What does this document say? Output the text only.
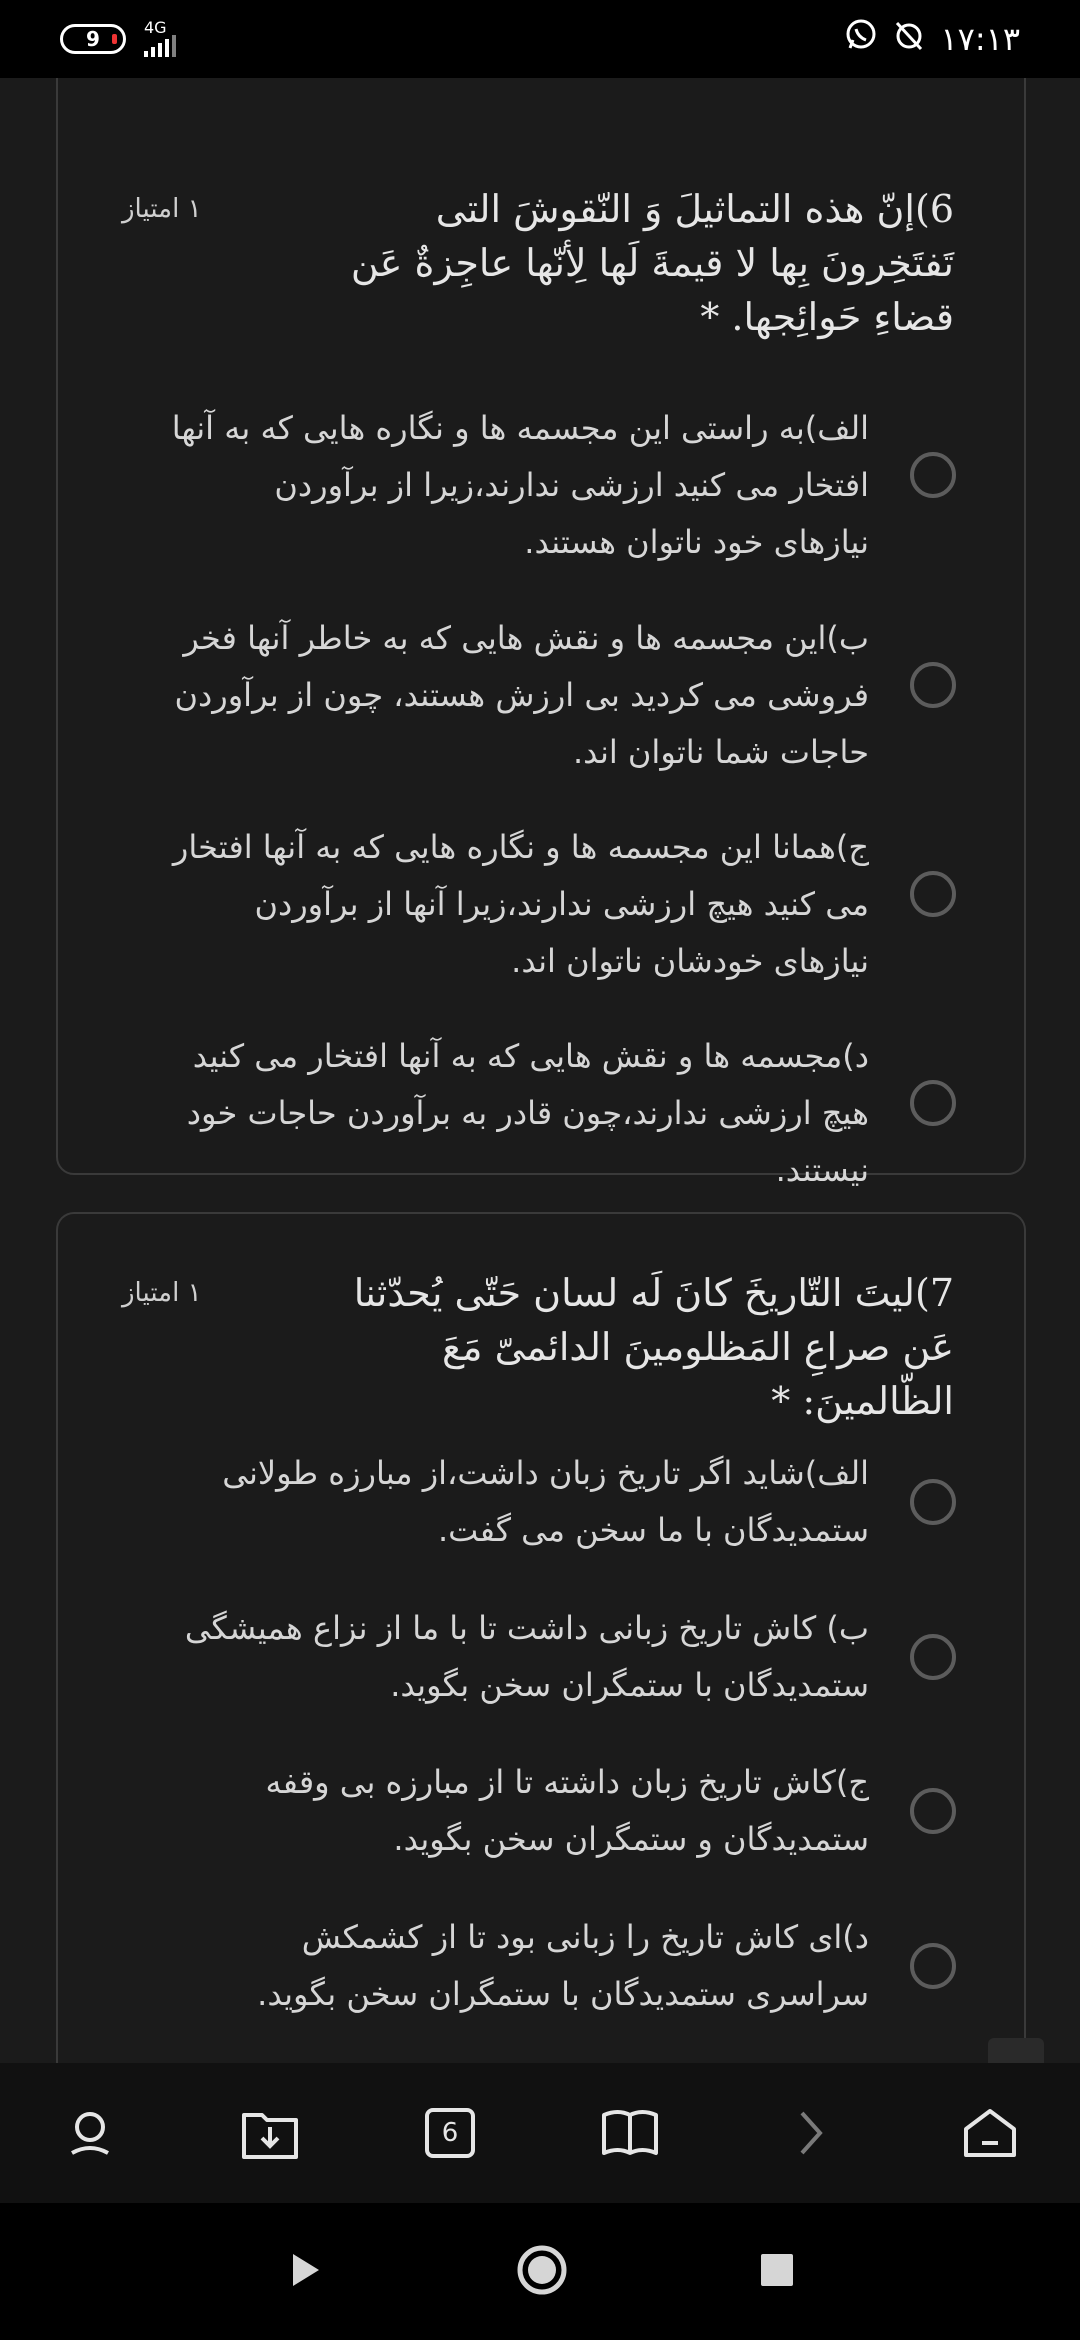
9	4G	۱۷:۱۳
6)إنّ هذه التماثيلَ وَ النّقوشَ التی تَفتَخِرونَ بِها لا قيمةَ لَها لِأنّها عاجِزةٌ عَن قضاءِ حَوائِجها. *
۱ امتیاز
الف)به راستی این مجسمه ها و نگاره هایی که به آنها افتخار می کنید ارزشی ندارند،زیرا از برآوردن نیازهای خود ناتوان هستند.
ب)این مجسمه ها و نقش هایی که به خاطر آنها فخر فروشی می کردید بی ارزش هستند، چون از برآوردن حاجات شما ناتوان اند.
ج)همانا این مجسمه ها و نگاره هایی که به آنها افتخار می کنید هیچ ارزشی ندارند،زیرا آنها از برآوردن نیازهای خودشان ناتوان اند.
د)مجسمه ها و نقش هایی که به آنها افتخار می کنید هیچ ارزشی ندارند،چون قادر به برآوردن حاجات خود نیستند.
7)لیتَ التّاریخَ کانَ لَه لسان حَتّی یُحدّثنا عَن صراعِ المَظلومینَ الدائمیّ مَعَ الظّالمینَ: *
۱ امتیاز
الف)شاید اگر تاریخ زبان داشت،از مبارزه طولانی ستمدیدگان با ما سخن می گفت.
ب) کاش تاریخ زبانی داشت تا با ما از نزاع همیشگی ستمدیدگان با ستمگران سخن بگوید.
ج)کاش تاریخ زبان داشته تا از مبارزه بی وقفه ستمدیدگان و ستمگران سخن بگوید.
د)ای کاش تاریخ را زبانی بود تا از کشمکش سراسری ستمدیدگان با ستمگران سخن بگوید.
6
